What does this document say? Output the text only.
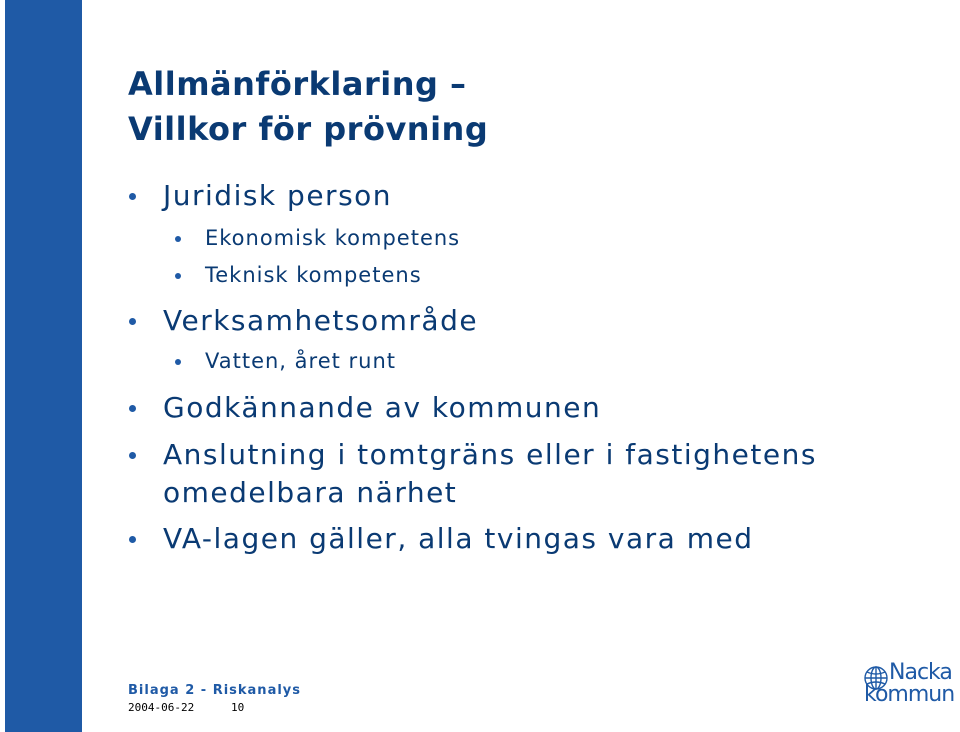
Allmänförklaring –
Villkor för prövning
Juridisk person
Ekonomisk kompetens
Teknisk kompetens
Verksamhetsområde
Vatten, året runt
Godkännande av kommunen
Anslutning i tomtgräns eller i fastighetens
omedelbara närhet
VA-lagen gäller, alla tvingas vara med
Bilaga 2 - Riskanalys
2004-06-22	10
Nacka
kommun
